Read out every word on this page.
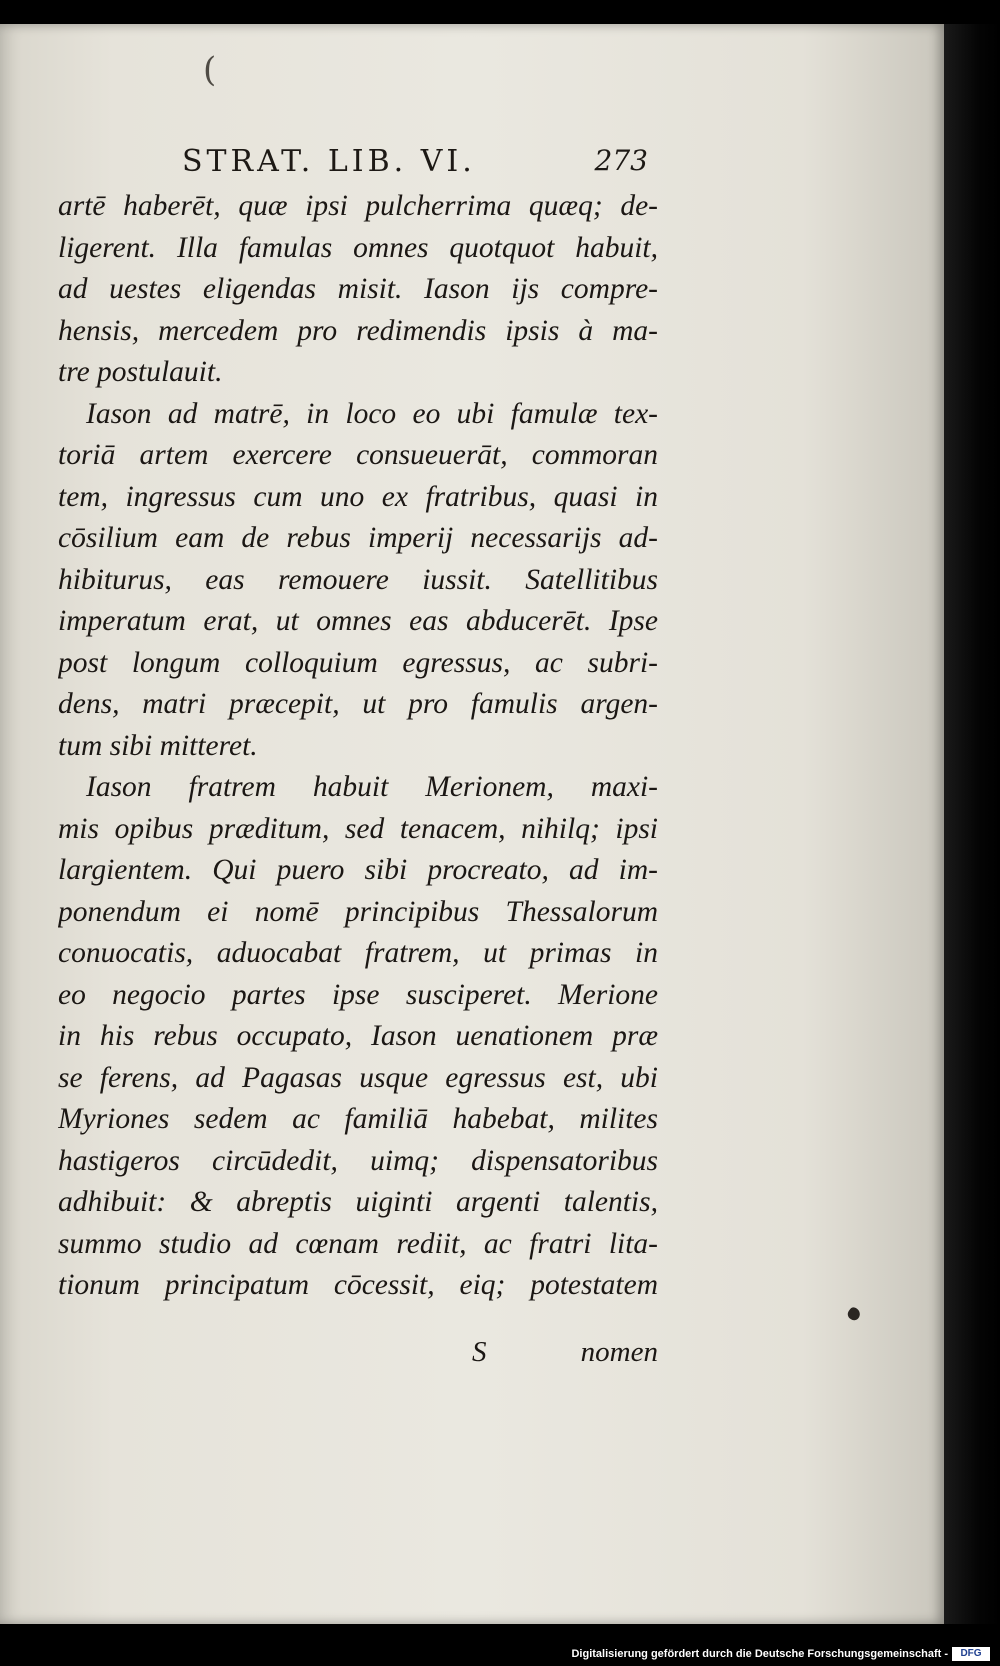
(
STRAT. LIB. VI.	273
artē haberēt, quæ ipsi pulcherrima quæq; de-
ligerent. Illa famulas omnes quotquot habuit,
ad uestes eligendas misit. Iason ijs compre-
hensis, mercedem pro redimendis ipsis à ma-
tre postulauit.
Iason ad matrē, in loco eo ubi famulæ tex-
toriā artem exercere consueuerāt, commoran
tem, ingressus cum uno ex fratribus, quasi in
cōsilium eam de rebus imperij necessarijs ad-
hibiturus, eas remouere iussit. Satellitibus
imperatum erat, ut omnes eas abducerēt. Ipse
post longum colloquium egressus, ac subri-
dens, matri præcepit, ut pro famulis argen-
tum sibi mitteret.
Iason fratrem habuit Merionem, maxi-
mis opibus præditum, sed tenacem, nihilq; ipsi
largientem. Qui puero sibi procreato, ad im-
ponendum ei nomē principibus Thessalorum
conuocatis, aduocabat fratrem, ut primas in
eo negocio partes ipse susciperet. Merione
in his rebus occupato, Iason uenationem præ
se ferens, ad Pagasas usque egressus est, ubi
Myriones sedem ac familiā habebat, milites
hastigeros circūdedit, uimq; dispensatoribus
adhibuit: & abreptis uiginti argenti talentis,
summo studio ad cœnam rediit, ac fratri lita-
tionum principatum cōcessit, eiq; potestatem
S	nomen
Digitalisierung gefördert durch die Deutsche Forschungsgemeinschaft -	DFG
